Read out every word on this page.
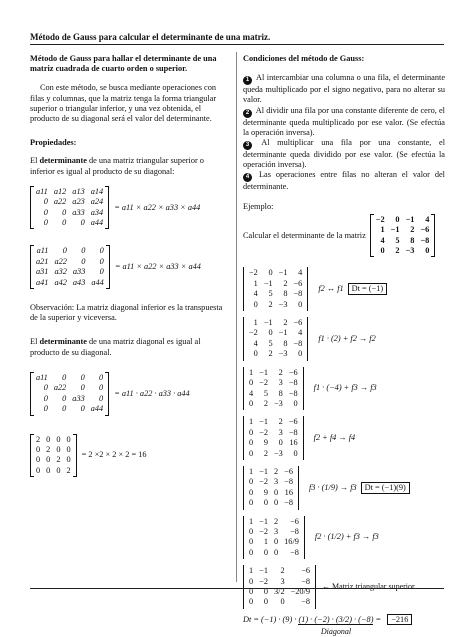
Método de Gauss para calcular el determinante de una matriz.

Método de Gauss para hallar el determinante de una matriz cuadrada de cuarto orden o superior.

Con este método, se busca mediante operaciones con filas y columnas, que la matriz tenga la forma triangular superior o triangular inferior, y una vez obtenida, el producto de su diagonal será el valor del determinante.

Propiedades:

El determinante de una matriz triangular superior o inferior es igual al producto de su diagonal:

a11	a12	a13	a14
0	a22	a23	a24
0	0	a33	a34
0	0	0	a44
= a11 × a22 × a33 × a44
a11	0	0	0
a21	a22	0	0
a31	a32	a33	0
a41	a42	a43	a44
= a11 × a22 × a33 × a44

Observación: La matriz diagonal inferior es la transpuesta de la superior y viceversa.

El determinante de una matriz diagonal es igual al producto de su diagonal.

a11	0	0	0
0	a22	0	0
0	0	a33	0
0	0	0	a44
= a11 · a22 · a33 · a44
2	0	0	0
0	2	0	0
0	0	2	0
0	0	0	2
= 2 ×2 × 2 × 2 = 16

Condiciones del método de Gauss:

1 Al intercambiar una columna o una fila, el determinante queda multiplicado por el signo negativo, para no alterar su valor.

2 Al dividir una fila por una constante diferente de cero, el determinante queda multiplicado por ese valor. (Se efectúa la operación inversa).

3 Al multiplicar una fila por una constante, el determinante queda dividido por ese valor. (Se efectúa la operación inversa).

4 Las operaciones entre filas no alteran el valor del determinante.

Ejemplo:

Calcular el determinante de la matriz
−2	0	−1	4
1	−1	2	−6
4	5	8	−8
0	2	−3	0
−2	0	−1	4
1	−1	2	−6
4	5	8	−8
0	2	−3	0
f2 ↔ f1 Dt = (−1)
1	−1	2	−6
−2	0	−1	4
4	5	8	−8
0	2	−3	0
f1 · (2) + f2 → f2
1	−1	2	−6
0	−2	3	−8
4	5	8	−8
0	2	−3	0
f1 · (−4) + f3 → f3
1	−1	2	−6
0	−2	3	−8
0	9	0	16
0	2	−3	0
f2 + f4 → f4
1	−1	2	−6
0	−2	3	−8
0	9	0	16
0	0	0	−8
f3 · (1/9) → f3 Dt = (−1)(9)
1	−1	2	−6
0	−2	3	−8
0	1	0	16/9
0	0	0	−8
f2 · (1/2) + f3 → f3
1	−1	2	−6
0	−2	3	−8
0	0	3/2	−20/9
0	0	0	−8
← Matriz triangular superior
Dt = (−1) · (9) · (1) · (−2) · (3/2) · (−8)
Diagonal
= −216
